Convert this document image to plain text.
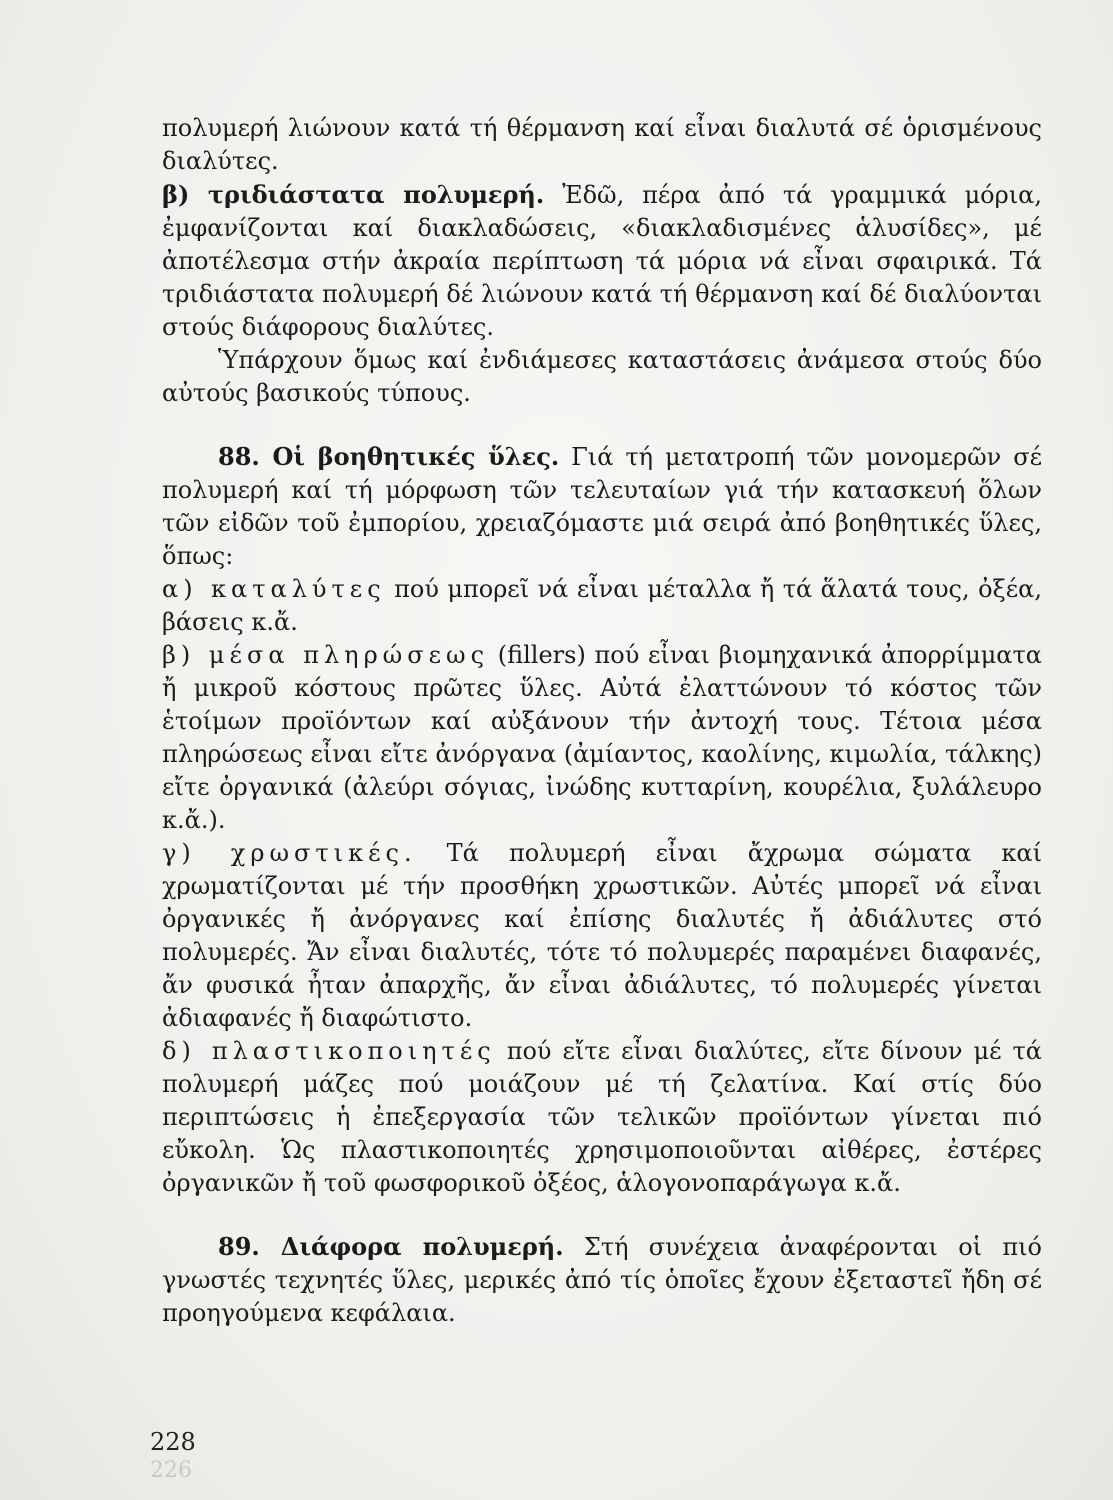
πολυμερή λιώνουν κατά τή θέρμανση καί εἶναι διαλυτά σέ ὁρισμένους διαλύτες.

β) τριδιάστατα πολυμερή. Ἐδῶ, πέρα ἀπό τά γραμμικά μόρια, ἐμφανίζονται καί διακλαδώσεις, «διακλαδισμένες ἁλυσίδες», μέ ἀποτέλεσμα στήν ἀκραία περίπτωση τά μόρια νά εἶναι σφαιρικά. Τά τριδιάστατα πολυμερή δέ λιώνουν κατά τή θέρμανση καί δέ διαλύονται στούς διάφορους διαλύτες.

Ὑπάρχουν ὅμως καί ἐνδιάμεσες καταστάσεις ἀνάμεσα στούς δύο αὐτούς βασικούς τύπους.

88. Οἱ βοηθητικές ὕλες. Γιά τή μετατροπή τῶν μονομερῶν σέ πολυμερή καί τή μόρφωση τῶν τελευταίων γιά τήν κατασκευή ὅλων τῶν εἰδῶν τοῦ ἐμπορίου, χρειαζόμαστε μιά σειρά ἀπό βοηθητικές ὕλες, ὅπως:

α) καταλύτες πού μπορεῖ νά εἶναι μέταλλα ἤ τά ἅλατά τους, ὀξέα, βάσεις κ.ἄ.

β) μέσα πληρώσεως (fillers) πού εἶναι βιομηχανικά ἀπορρίμματα ἤ μικροῦ κόστους πρῶτες ὕλες. Αὐτά ἐλαττώνουν τό κόστος τῶν ἑτοίμων προϊόντων καί αὐξάνουν τήν ἀντοχή τους. Τέτοια μέσα πληρώσεως εἶναι εἴτε ἀνόργανα (ἀμίαντος, καολίνης, κιμωλία, τάλκης) εἴτε ὀργανικά (ἀλεύρι σόγιας, ἰνώδης κυτταρίνη, κουρέλια, ξυλάλευρο κ.ἄ.).

γ) χρωστικές. Τά πολυμερή εἶναι ἄχρωμα σώματα καί χρωματίζονται μέ τήν προσθήκη χρωστικῶν. Αὐτές μπορεῖ νά εἶναι ὀργανικές ἤ ἀνόργανες καί ἐπίσης διαλυτές ἤ ἀδιάλυτες στό πολυμερές. Ἄν εἶναι διαλυτές, τότε τό πολυμερές παραμένει διαφανές, ἄν φυσικά ἦταν ἀπαρχῆς, ἄν εἶναι ἀδιάλυτες, τό πολυμερές γίνεται ἀδιαφανές ἤ διαφώτιστο.

δ) πλαστικοποιητές πού εἴτε εἶναι διαλύτες, εἴτε δίνουν μέ τά πολυμερή μάζες πού μοιάζουν μέ τή ζελατίνα. Καί στίς δύο περιπτώσεις ἡ ἐπεξεργασία τῶν τελικῶν προϊόντων γίνεται πιό εὔκολη. Ὡς πλαστικοποιητές χρησιμοποιοῦνται αἰθέρες, ἐστέρες ὀργανικῶν ἤ τοῦ φωσφορικοῦ ὀξέος, ἁλογονοπαράγωγα κ.ἄ.

89. Διάφορα πολυμερή. Στή συνέχεια ἀναφέρονται οἱ πιό γνωστές τεχνητές ὕλες, μερικές ἀπό τίς ὁποῖες ἔχουν ἐξεταστεῖ ἤδη σέ προηγούμενα κεφάλαια.

228
226
